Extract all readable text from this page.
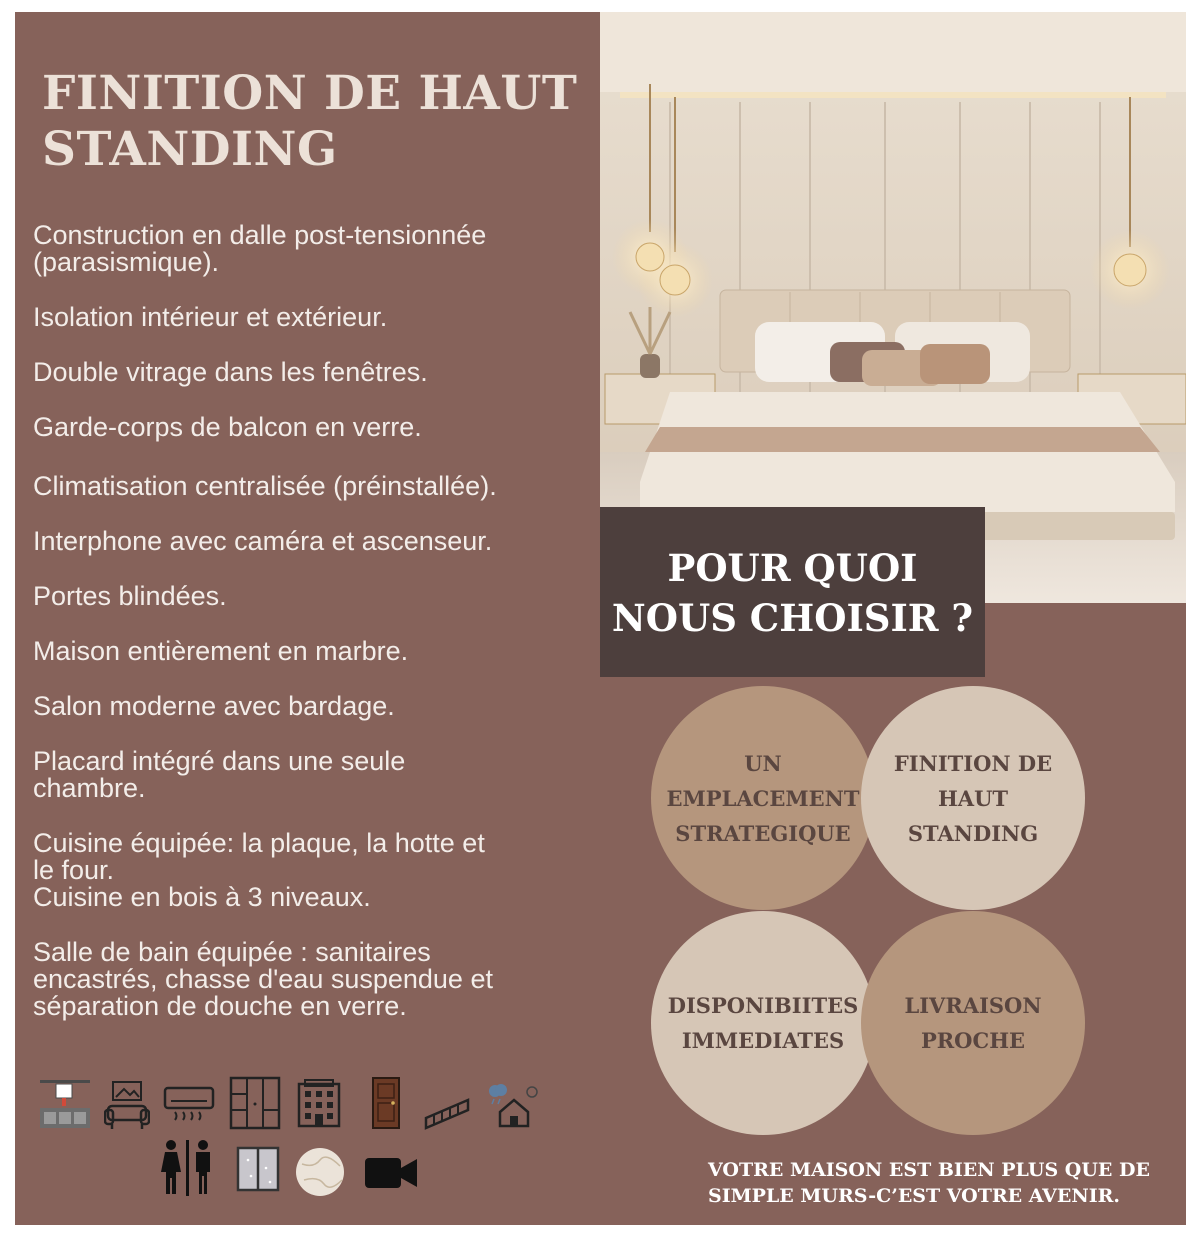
FINITION DE HAUT
STANDING
Construction en dalle post-tensionnée
(parasismique).
Isolation intérieur et extérieur.
Double vitrage dans les fenêtres.
Garde-corps de balcon en verre.
Climatisation centralisée (préinstallée).
Interphone avec caméra et ascenseur.
Portes blindées.
Maison entièrement en marbre.
Salon moderne avec bardage.
Placard intégré dans une seule
chambre.
Cuisine équipée: la plaque, la hotte et
le four.
Cuisine en bois à 3 niveaux.
Salle de bain équipée : sanitaires
encastrés, chasse d'eau suspendue et
séparation de douche en verre.
POUR QUOI
NOUS CHOISIR ?
UN
EMPLACEMENT
STRATEGIQUE
FINITION DE
HAUT
STANDING
DISPONIBIITES
IMMEDIATES
LIVRAISON
PROCHE

VOTRE MAISON EST BIEN PLUS QUE DE
SIMPLE MURS-C’EST VOTRE AVENIR.
